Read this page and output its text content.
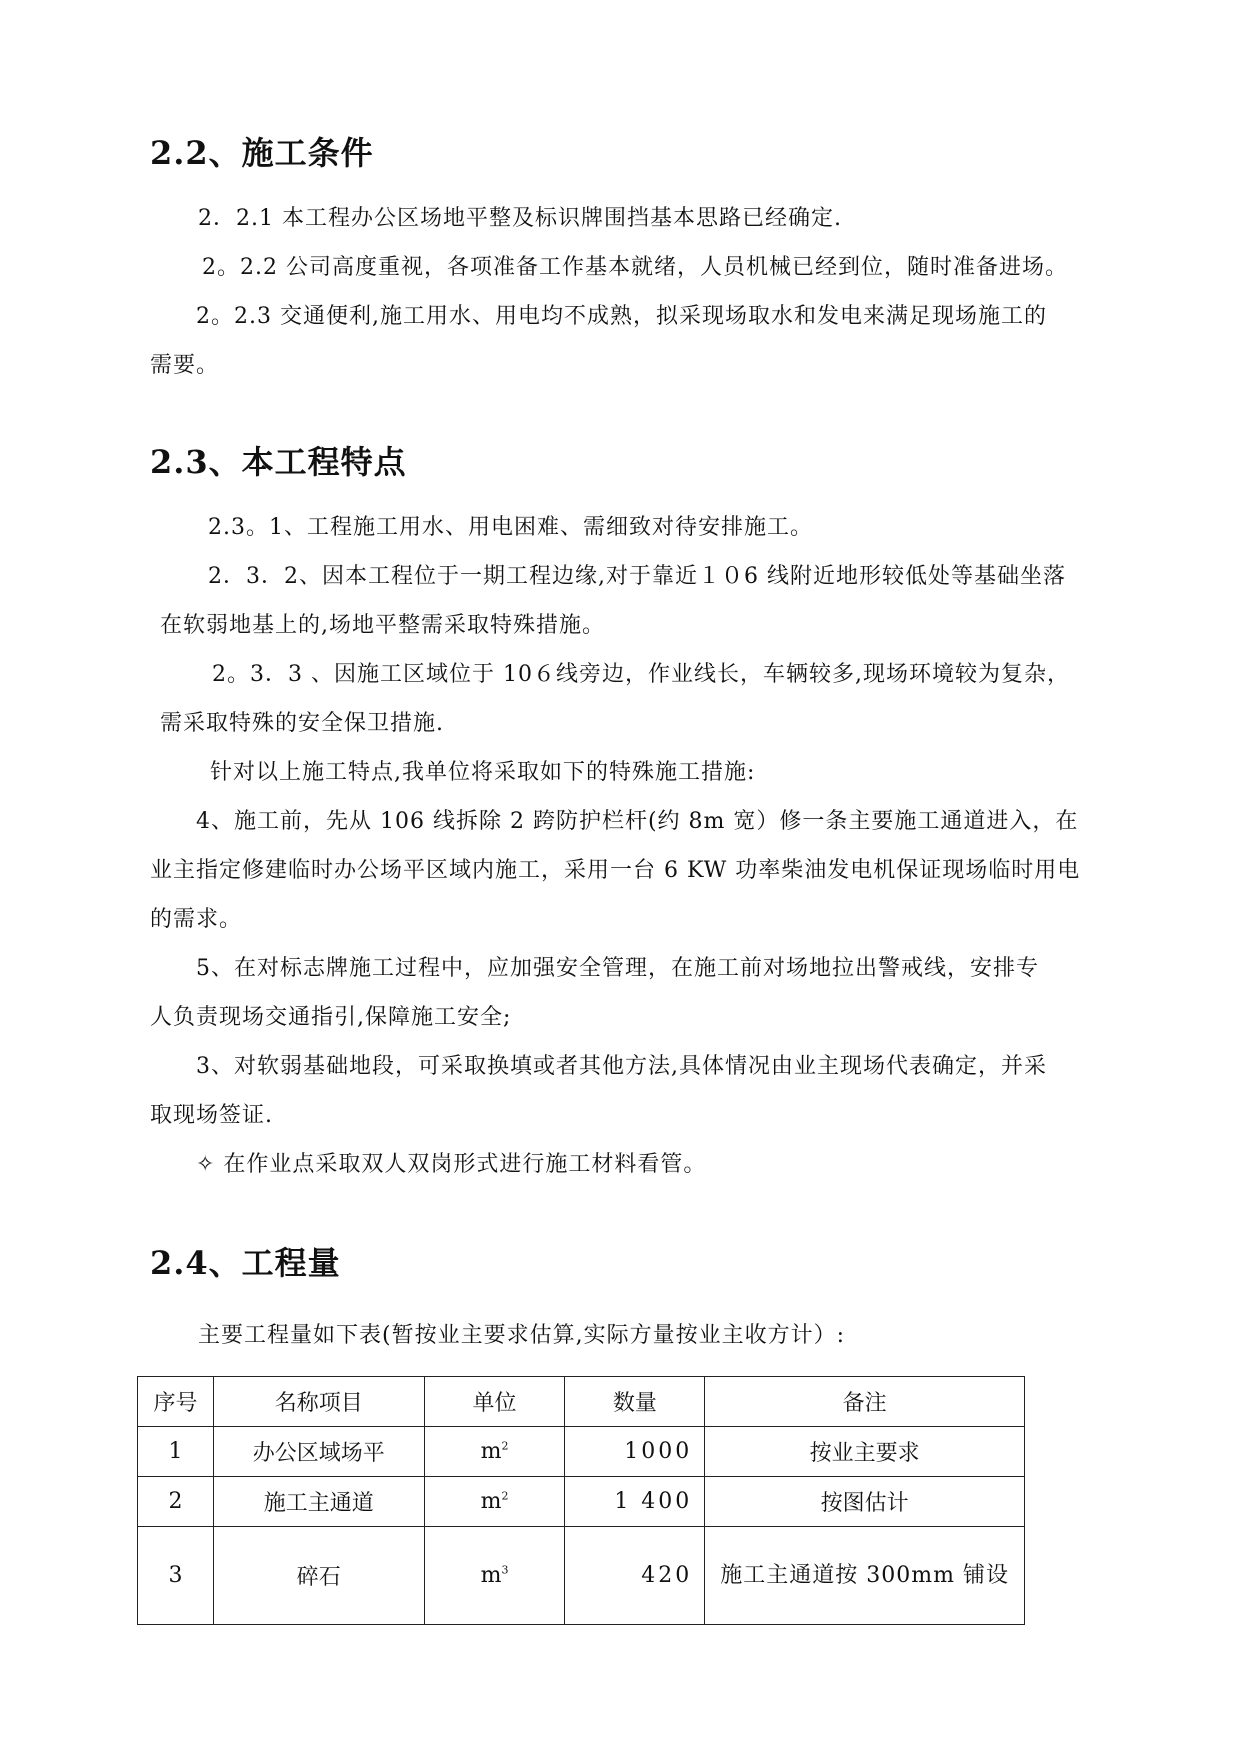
2.2、施工条件

2．2.1 本工程办公区场地平整及标识牌围挡基本思路已经确定.

2。2.2 公司高度重视，各项准备工作基本就绪，人员机械已经到位，随时准备进场。

2。2.3 交通便利,施工用水、用电均不成熟，拟采现场取水和发电来满足现场施工的

需要。

2.3、本工程特点

2.3。1、工程施工用水、用电困难、需细致对待安排施工。

2．3．2、因本工程位于一期工程边缘,对于靠近１０6 线附近地形较低处等基础坐落

在软弱地基上的,场地平整需采取特殊措施。

2。3．3 、因施工区域位于 10６线旁边，作业线长，车辆较多,现场环境较为复杂，

需采取特殊的安全保卫措施.

针对以上施工特点,我单位将采取如下的特殊施工措施:

4、施工前，先从 106 线拆除 2 跨防护栏杆(约 8m 宽）修一条主要施工通道进入，在

业主指定修建临时办公场平区域内施工，采用一台 6 KW 功率柴油发电机保证现场临时用电

的需求。

5、在对标志牌施工过程中，应加强安全管理，在施工前对场地拉出警戒线，安排专

人负责现场交通指引,保障施工安全;

3、对软弱基础地段，可采取换填或者其他方法,具体情况由业主现场代表确定，并采

取现场签证.

✧ 在作业点采取双人双岗形式进行施工材料看管。

2.4、工程量

主要工程量如下表(暂按业主要求估算,实际方量按业主收方计）:

序号	名称项目	单位	数量	备注
1	办公区域场平	$m^2$	1000	按业主要求
2	施工主通道	$m^2$	1 400	按图估计
3	碎石	$m^3$	420	施工主通道按 300mm 铺设
